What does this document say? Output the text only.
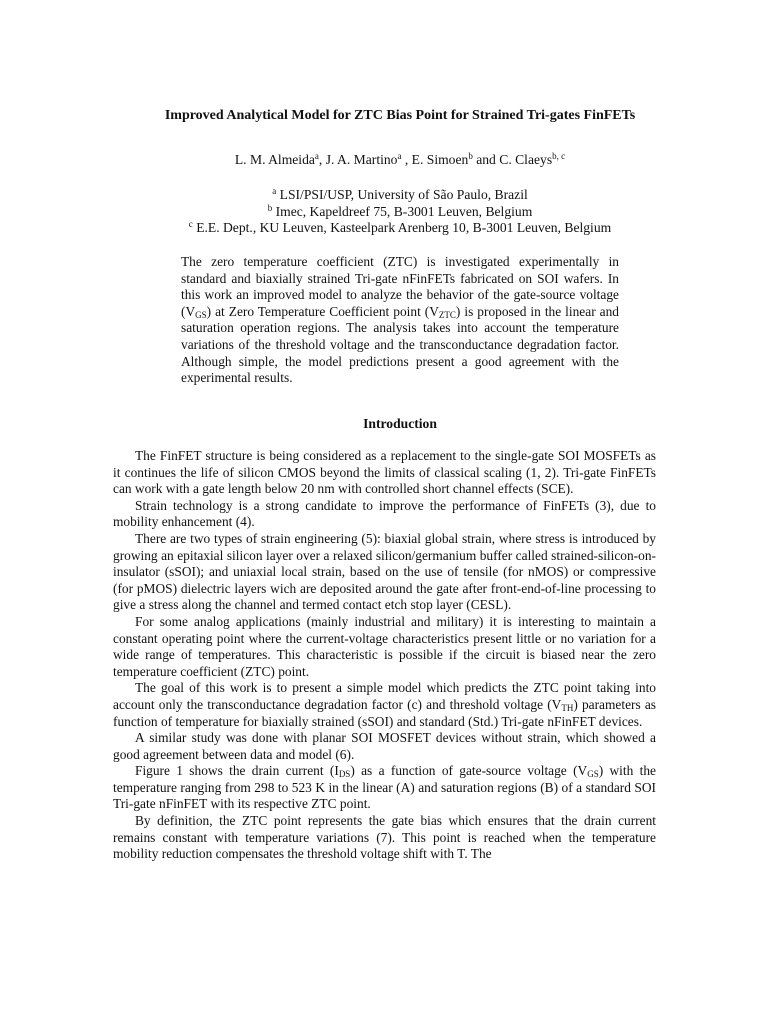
Improved Analytical Model for ZTC Bias Point for Strained Tri-gates FinFETs
L. M. Almeida$^a$, J. A. Martino$^a$ , E. Simoen$^b$ and C. Claeys$^{b, c}$
$^a$ LSI/PSI/USP, University of São Paulo, Brazil
$^b$ Imec, Kapeldreef 75, B-3001 Leuven, Belgium
$^c$ E.E. Dept., KU Leuven, Kasteelpark Arenberg 10, B-3001 Leuven, Belgium
The zero temperature coefficient (ZTC) is investigated experimentally in standard and biaxially strained Tri-gate nFinFETs fabricated on SOI wafers. In this work an improved model to analyze the behavior of the gate-source voltage $(V_{GS})$ at Zero Temperature Coefficient point $(V_{ZTC})$ is proposed in the linear and saturation operation regions. The analysis takes into account the temperature variations of the threshold voltage and the transconductance degradation factor. Although simple, the model predictions present a good agreement with the experimental results.
Introduction

The FinFET structure is being considered as a replacement to the single-gate SOI MOSFETs as it continues the life of silicon CMOS beyond the limits of classical scaling (1, 2). Tri-gate FinFETs can work with a gate length below 20 nm with controlled short channel effects (SCE).

Strain technology is a strong candidate to improve the performance of FinFETs (3), due to mobility enhancement (4).

There are two types of strain engineering (5): biaxial global strain, where stress is introduced by growing an epitaxial silicon layer over a relaxed silicon/germanium buffer called strained-silicon-on-insulator (sSOI); and uniaxial local strain, based on the use of tensile (for nMOS) or compressive (for pMOS) dielectric layers wich are deposited around the gate after front-end-of-line processing to give a stress along the channel and termed contact etch stop layer (CESL).

For some analog applications (mainly industrial and military) it is interesting to maintain a constant operating point where the current-voltage characteristics present little or no variation for a wide range of temperatures. This characteristic is possible if the circuit is biased near the zero temperature coefficient (ZTC) point.

The goal of this work is to present a simple model which predicts the ZTC point taking into account only the transconductance degradation factor (c) and threshold voltage $(V_{TH})$ parameters as function of temperature for biaxially strained (sSOI) and standard (Std.) Tri-gate nFinFET devices.

A similar study was done with planar SOI MOSFET devices without strain, which showed a good agreement between data and model (6).

Figure 1 shows the drain current $(I_{DS})$ as a function of gate-source voltage $(V_{GS})$ with the temperature ranging from 298 to 523 K in the linear (A) and saturation regions (B) of a standard SOI Tri-gate nFinFET with its respective ZTC point.

By definition, the ZTC point represents the gate bias which ensures that the drain current remains constant with temperature variations (7). This point is reached when the temperature mobility reduction compensates the threshold voltage shift with T. The
